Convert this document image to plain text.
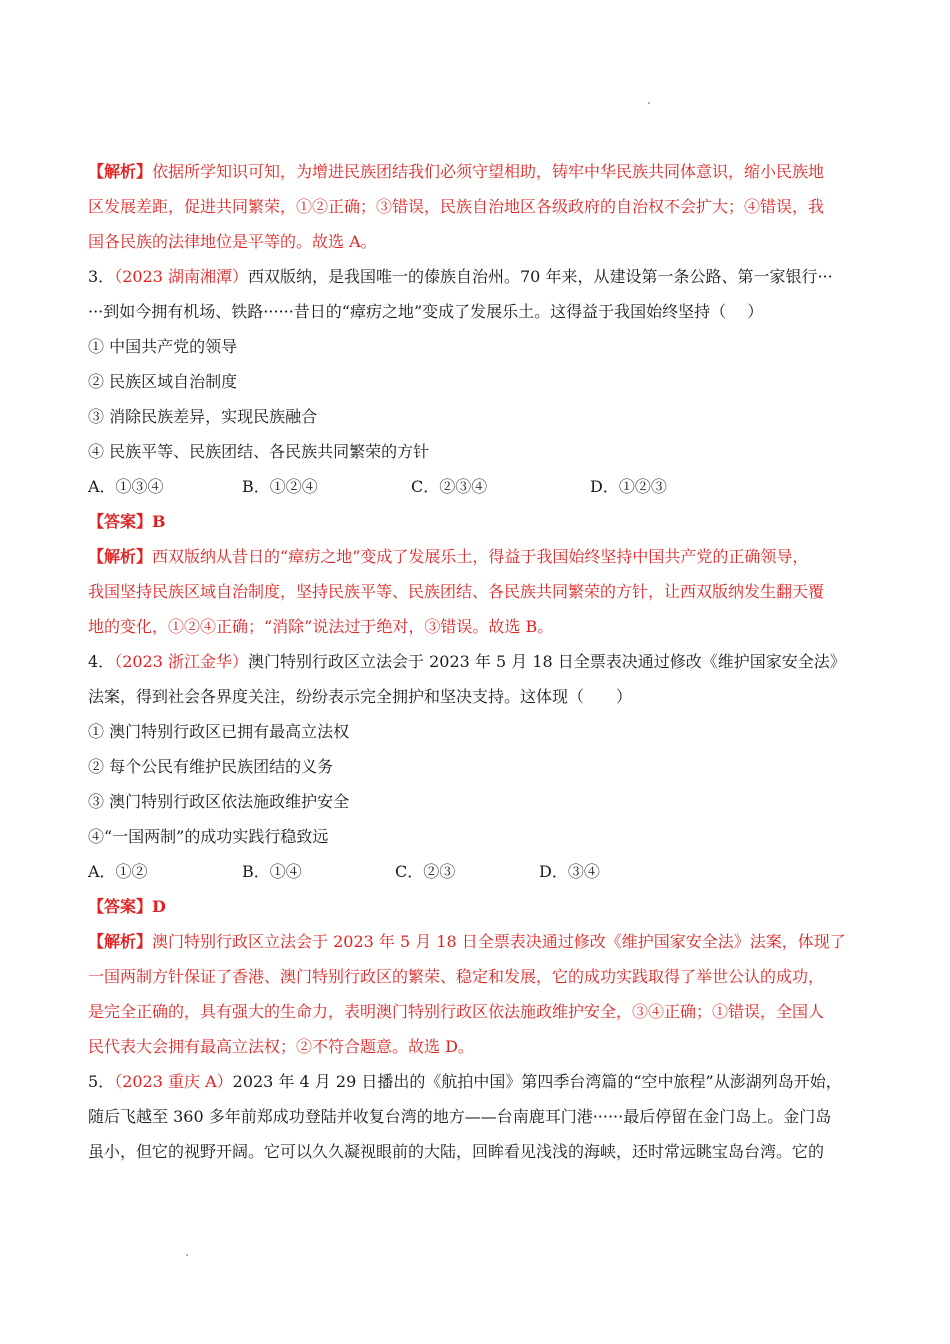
【解析】依据所学知识可知，为增进民族团结我们必须守望相助，铸牢中华民族共同体意识，缩小民族地
区发展差距，促进共同繁荣，①②正确；③错误，民族自治地区各级政府的自治权不会扩大；④错误，我
国各民族的法律地位是平等的。故选 A。
3．（2023 湖南湘潭）西双版纳，是我国唯一的傣族自治州。70 年来，从建设第一条公路、第一家银行···
···到如今拥有机场、铁路······昔日的“瘴疠之地”变成了发展乐土。这得益于我国始终坚持（　 ）
① 中国共产党的领导
② 民族区域自治制度
③ 消除民族差异，实现民族融合
④ 民族平等、民族团结、各民族共同繁荣的方针
A．①③④	B．①②④	C．②③④	D．①②③
【答案】B
【解析】西双版纳从昔日的“瘴疠之地”变成了发展乐土，得益于我国始终坚持中国共产党的正确领导，
我国坚持民族区域自治制度，坚持民族平等、民族团结、各民族共同繁荣的方针，让西双版纳发生翻天覆
地的变化，①②④正确；“消除”说法过于绝对，③错误。故选 B。
4．（2023 浙江金华）澳门特别行政区立法会于 2023 年 5 月 18 日全票表决通过修改《维护国家安全法》
法案，得到社会各界度关注，纷纷表示完全拥护和坚决支持。这体现（　　）
① 澳门特别行政区已拥有最高立法权
② 每个公民有维护民族团结的义务
③ 澳门特别行政区依法施政维护安全
④“一国两制”的成功实践行稳致远
A．①②	B．①④	C．②③	D．③④
【答案】D
【解析】澳门特别行政区立法会于 2023 年 5 月 18 日全票表决通过修改《维护国家安全法》法案，体现了
一国两制方针保证了香港、澳门特别行政区的繁荣、稳定和发展，它的成功实践取得了举世公认的成功，
是完全正确的，具有强大的生命力，表明澳门特别行政区依法施政维护安全，③④正确；①错误，全国人
民代表大会拥有最高立法权；②不符合题意。故选 D。
5．（2023 重庆 A）2023 年 4 月 29 日播出的《航拍中国》第四季台湾篇的“空中旅程”从澎湖列岛开始，
随后飞越至 360 多年前郑成功登陆并收复台湾的地方——台南鹿耳门港······最后停留在金门岛上。金门岛
虽小，但它的视野开阔。它可以久久凝视眼前的大陆，回眸看见浅浅的海峡，还时常远眺宝岛台湾。它的
